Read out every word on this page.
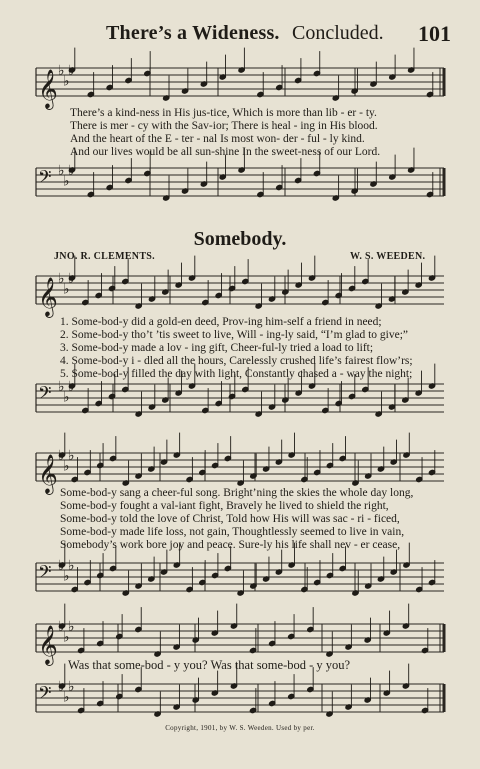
There’s a Wideness. Concluded. 101
𝄞 ♭
♭
♭
𝄢 ♭
♭
♭
𝄞 ♭
♭
♭
𝄢 ♭
♭
♭
𝄞 ♭
♭
♭
𝄢 ♭
♭
♭
𝄞 ♭
♭
♭
𝄢 ♭
♭
♭
There’s a kind-ness in His jus-tice, Which is more than lib - er - ty.
There is mer - cy with the Sav-ior; There is heal - ing in His blood.
And the heart of the E - ter - nal Is most won- der - ful - ly kind.
And our lives would be all sun-shine In the sweet-ness of our Lord.
Somebody.
JNO. R. CLEMENTS.	W. S. WEEDEN.
1. Some-bod-y did a gold-en deed, Prov-ing him-self a friend in need;
2. Some-bod-y tho’t ’tis sweet to live, Will - ing-ly said, “I’m glad to give;”
3. Some-bod-y made a lov - ing gift, Cheer-ful-ly tried a load to lift;
4. Some-bod-y i - dled all the hours, Carelessly crushed life’s fairest flow’rs;
5. Some-bod-y filled the day with light, Constantly chased a - way the night;
Some-bod-y sang a cheer-ful song. Bright’ning the skies the whole day long,
Some-bod-y fought a val-iant fight, Bravely he lived to shield the right,
Some-bod-y told the love of Christ, Told how His will was sac - ri - ficed,
Some-bod-y made life loss, not gain, Thoughtlessly seemed to live in vain,
Somebody’s work bore joy and peace. Sure-ly his life shall nev - er cease,
Was that some-bod - y you? Was that some-bod - y you?
Copyright, 1901, by W. S. Weeden. Used by per.
